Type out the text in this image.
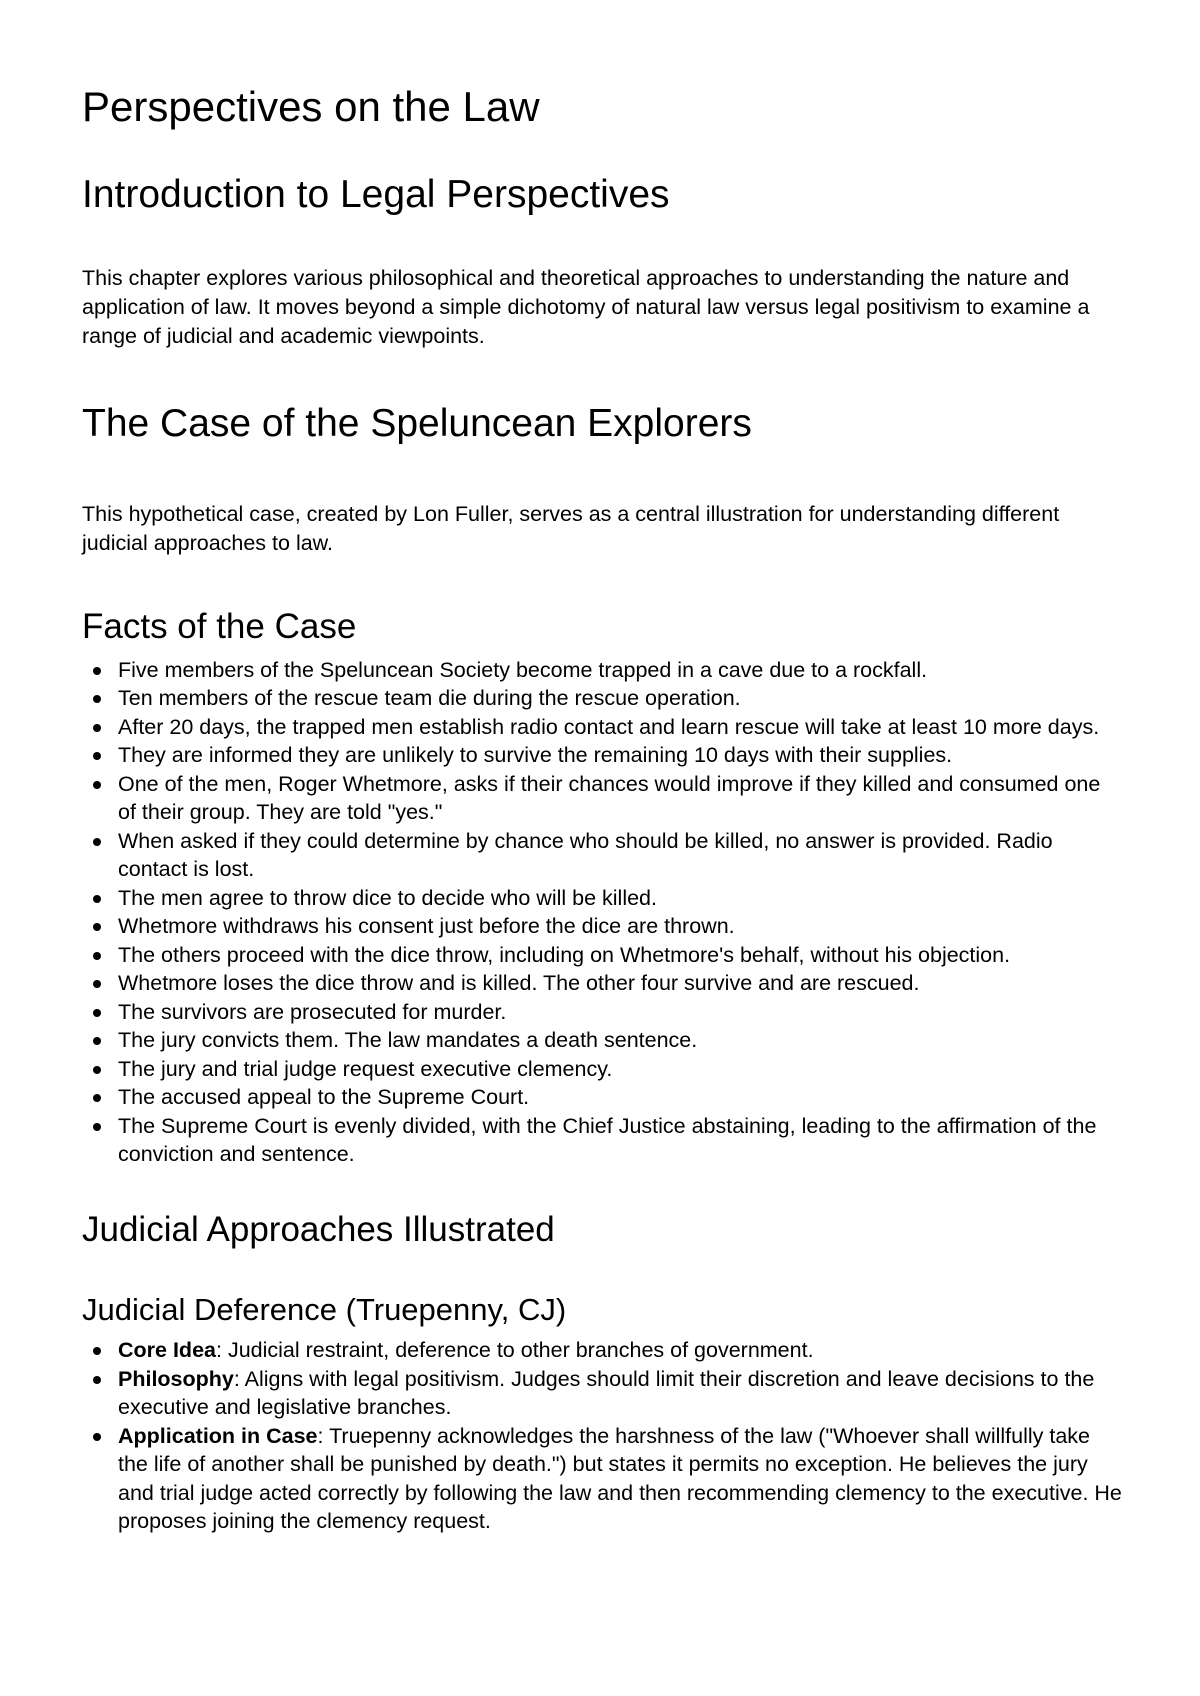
Perspectives on the Law
Introduction to Legal Perspectives

This chapter explores various philosophical and theoretical approaches to understanding the nature and application of law. It moves beyond a simple dichotomy of natural law versus legal positivism to examine a range of judicial and academic viewpoints.

The Case of the Speluncean Explorers

This hypothetical case, created by Lon Fuller, serves as a central illustration for understanding different judicial approaches to law.

Facts of the Case
Five members of the Speluncean Society become trapped in a cave due to a rockfall.
Ten members of the rescue team die during the rescue operation.
After 20 days, the trapped men establish radio contact and learn rescue will take at least 10 more days.
They are informed they are unlikely to survive the remaining 10 days with their supplies.
One of the men, Roger Whetmore, asks if their chances would improve if they killed and consumed one of their group. They are told "yes."
When asked if they could determine by chance who should be killed, no answer is provided. Radio contact is lost.
The men agree to throw dice to decide who will be killed.
Whetmore withdraws his consent just before the dice are thrown.
The others proceed with the dice throw, including on Whetmore's behalf, without his objection.
Whetmore loses the dice throw and is killed. The other four survive and are rescued.
The survivors are prosecuted for murder.
The jury convicts them. The law mandates a death sentence.
The jury and trial judge request executive clemency.
The accused appeal to the Supreme Court.
The Supreme Court is evenly divided, with the Chief Justice abstaining, leading to the affirmation of the conviction and sentence.
Judicial Approaches Illustrated
Judicial Deference (Truepenny, CJ)
Core Idea: Judicial restraint, deference to other branches of government.
Philosophy: Aligns with legal positivism. Judges should limit their discretion and leave decisions to the executive and legislative branches.
Application in Case: Truepenny acknowledges the harshness of the law ("Whoever shall willfully take the life of another shall be punished by death.") but states it permits no exception. He believes the jury and trial judge acted correctly by following the law and then recommending clemency to the executive. He proposes joining the clemency request.
